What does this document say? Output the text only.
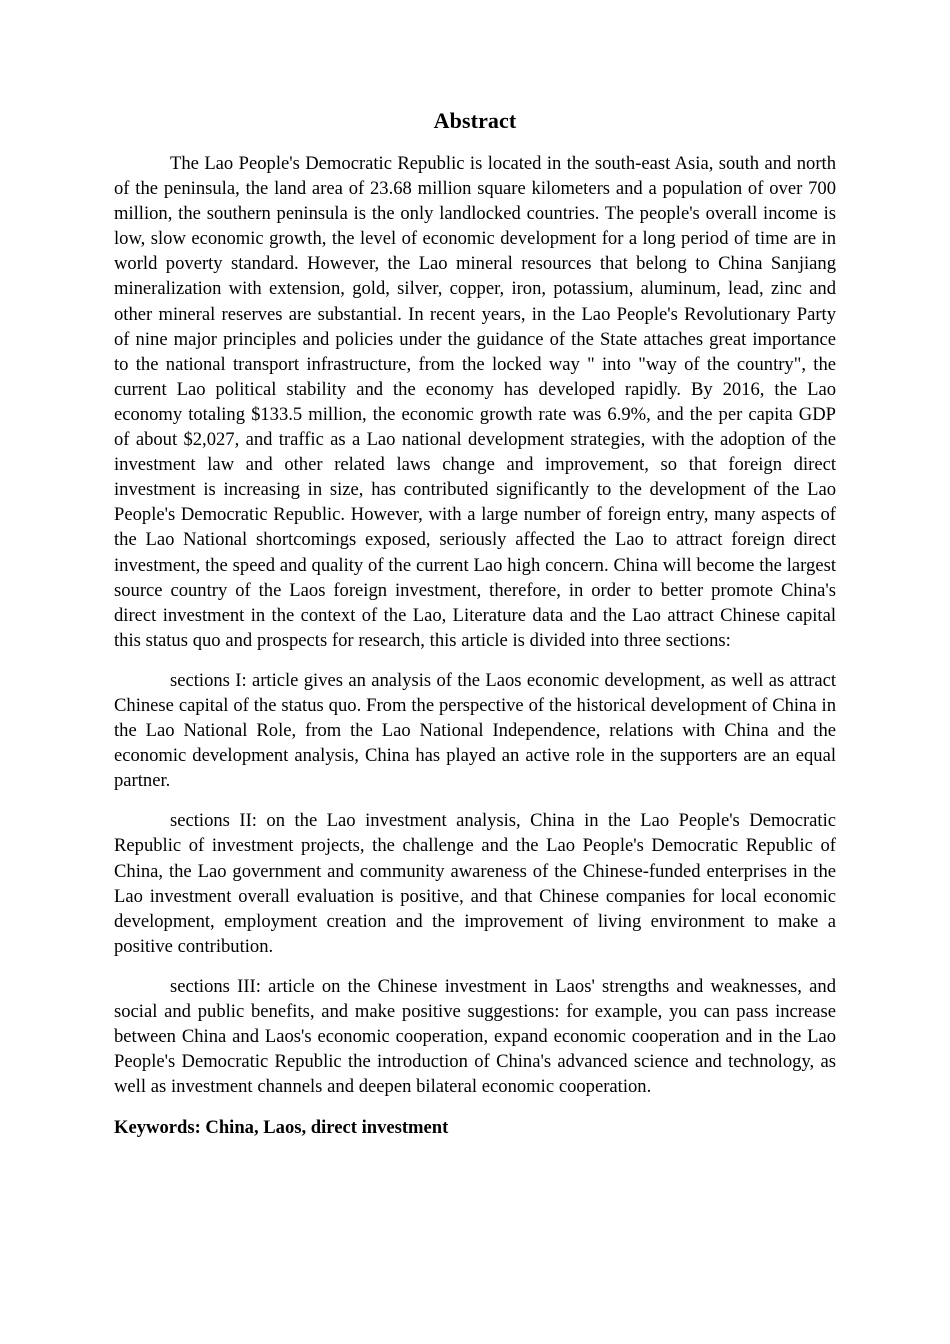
Abstract

The Lao People's Democratic Republic is located in the south-east Asia, south and north of the peninsula, the land area of 23.68 million square kilometers and a population of over 700 million, the southern peninsula is the only landlocked countries. The people's overall income is low, slow economic growth, the level of economic development for a long period of time are in world poverty standard. However, the Lao mineral resources that belong to China Sanjiang mineralization with extension, gold, silver, copper, iron, potassium, aluminum, lead, zinc and other mineral reserves are substantial. In recent years, in the Lao People's Revolutionary Party of nine major principles and policies under the guidance of the State attaches great importance to the national transport infrastructure, from the locked way " into "way of the country", the current Lao political stability and the economy has developed rapidly. By 2016, the Lao economy totaling $133.5 million, the economic growth rate was 6.9%, and the per capita GDP of about $2,027, and traffic as a Lao national development strategies, with the adoption of the investment law and other related laws change and improvement, so that foreign direct investment is increasing in size, has contributed significantly to the development of the Lao People's Democratic Republic. However, with a large number of foreign entry, many aspects of the Lao National shortcomings exposed, seriously affected the Lao to attract foreign direct investment, the speed and quality of the current Lao high concern. China will become the largest source country of the Laos foreign investment, therefore, in order to better promote China's direct investment in the context of the Lao, Literature data and the Lao attract Chinese capital this status quo and prospects for research, this article is divided into three sections:

sections I: article gives an analysis of the Laos economic development, as well as attract Chinese capital of the status quo. From the perspective of the historical development of China in the Lao National Role, from the Lao National Independence, relations with China and the economic development analysis, China has played an active role in the supporters are an equal partner.

sections II: on the Lao investment analysis, China in the Lao People's Democratic Republic of investment projects, the challenge and the Lao People's Democratic Republic of China, the Lao government and community awareness of the Chinese-funded enterprises in the Lao investment overall evaluation is positive, and that Chinese companies for local economic development, employment creation and the improvement of living environment to make a positive contribution.

sections III: article on the Chinese investment in Laos' strengths and weaknesses, and social and public benefits, and make positive suggestions: for example, you can pass increase between China and Laos's economic cooperation, expand economic cooperation and in the Lao People's Democratic Republic the introduction of China's advanced science and technology, as well as investment channels and deepen bilateral economic cooperation.

Keywords: China, Laos, direct investment
